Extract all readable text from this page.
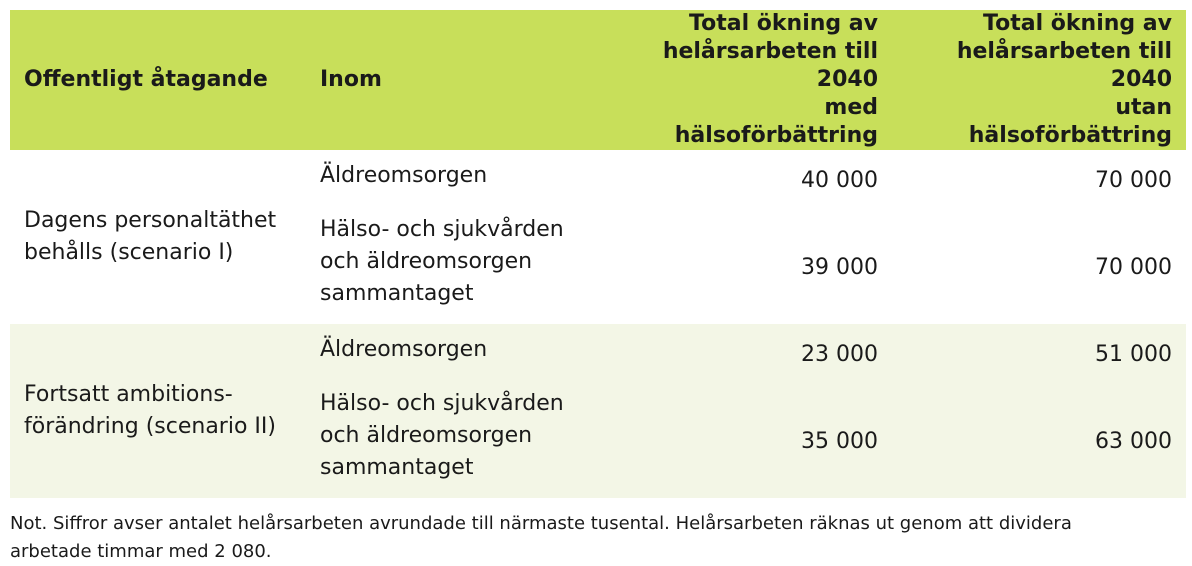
Offentligt åtagande	Inom	Total ökning av
helårsarbeten till 2040
med hälsoförbättring	Total ökning av
helårsarbeten till 2040
utan hälsoförbättring

Dagens personaltäthet
behålls (scenario I)	Äldreomsorgen	40 000	70 000

	Hälso- och sjukvården
och äldreomsorgen
sammantaget	39 000	70 000

Fortsatt ambitions-
förändring (scenario II)	Äldreomsorgen	23 000	51 000

	Hälso- och sjukvården
och äldreomsorgen
sammantaget	35 000	63 000
Not. Siffror avser antalet helårsarbeten avrundade till närmaste tusental. Helårsarbeten räknas ut genom att dividera
arbetade timmar med 2 080.
